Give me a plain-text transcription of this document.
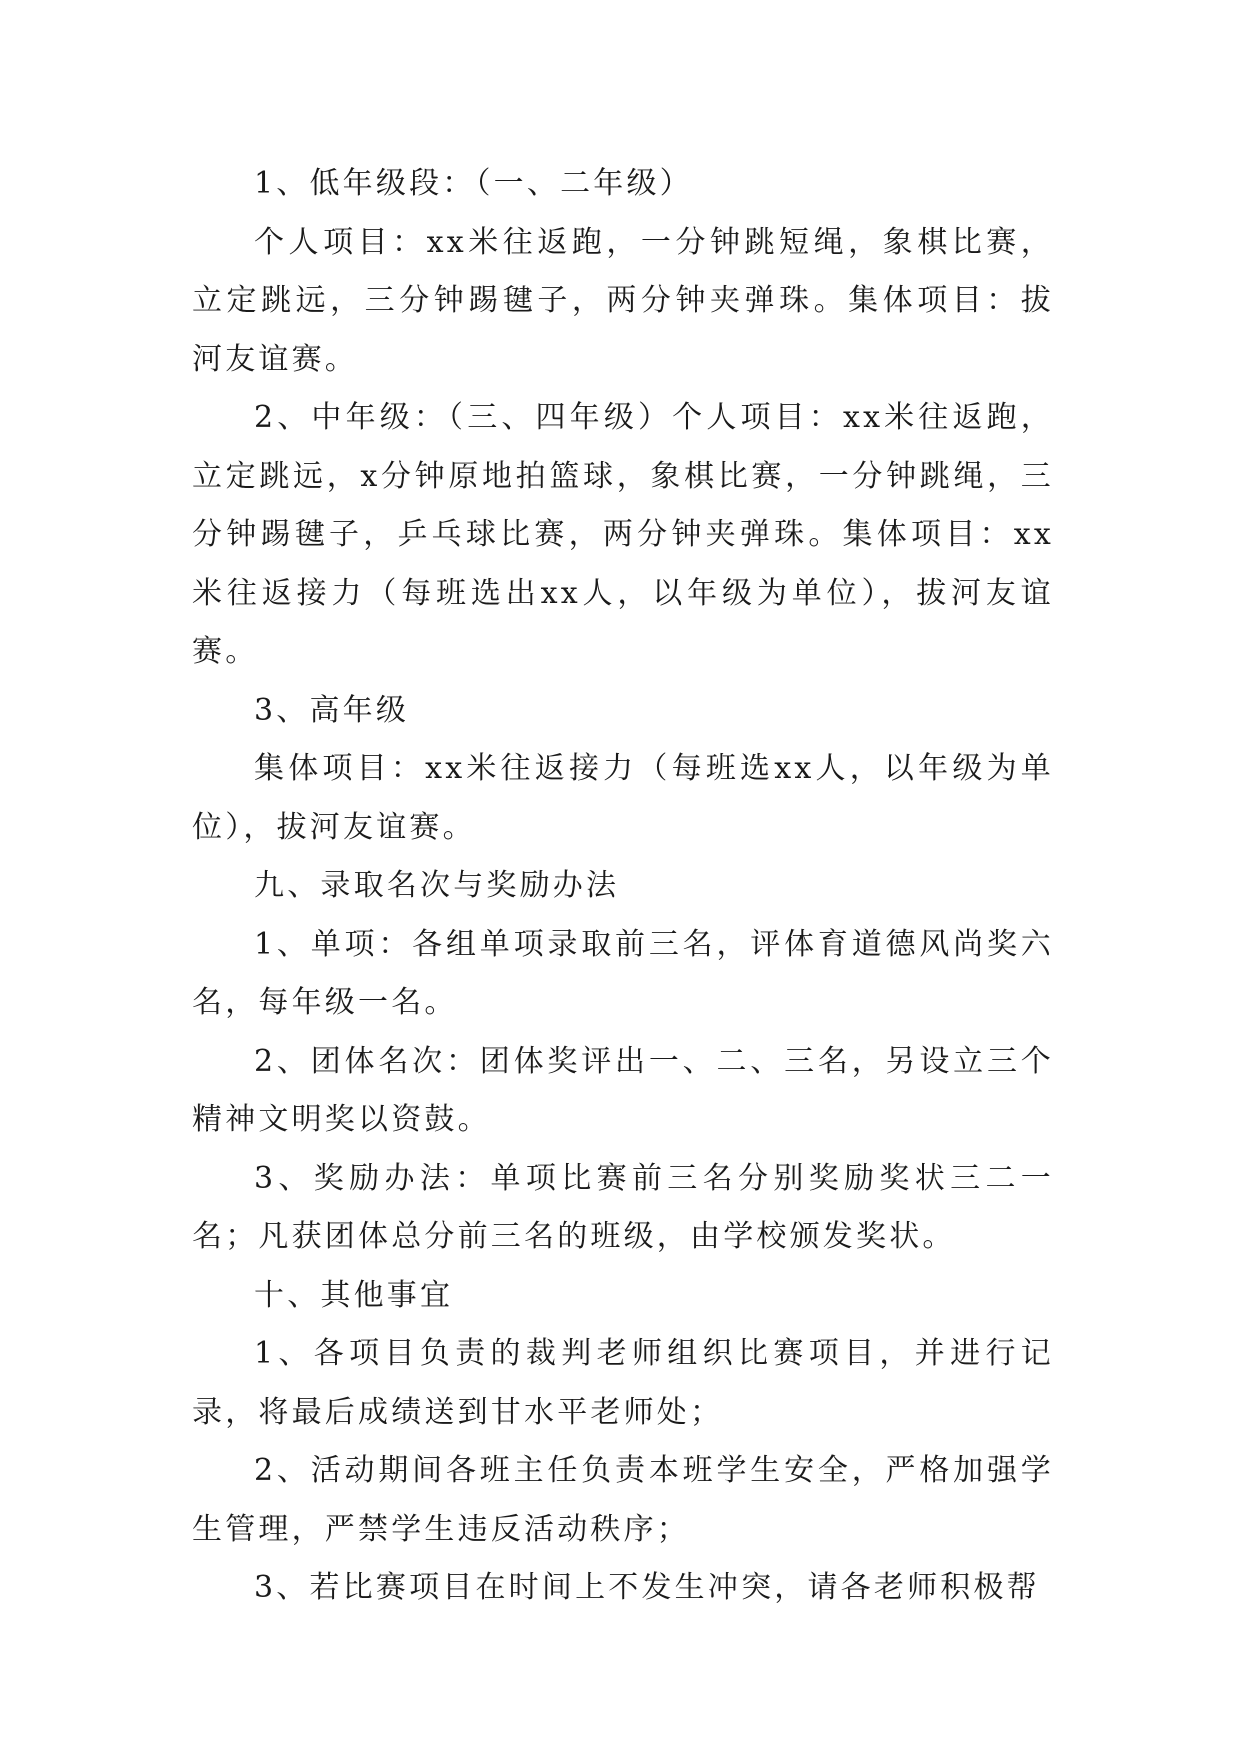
1、低年级段：（一、二年级）

个人项目：xx米往返跑，一分钟跳短绳，象棋比赛，立定跳远，三分钟踢毽子，两分钟夹弹珠。集体项目：拔河友谊赛。

2、中年级：（三、四年级）个人项目：xx米往返跑，立定跳远，x分钟原地拍篮球，象棋比赛，一分钟跳绳，三分钟踢毽子，乒乓球比赛，两分钟夹弹珠。集体项目：xx米往返接力（每班选出xx人，以年级为单位），拔河友谊赛。

3、高年级

集体项目：xx米往返接力（每班选xx人，以年级为单位），拔河友谊赛。

九、录取名次与奖励办法

1、单项：各组单项录取前三名，评体育道德风尚奖六名，每年级一名。

2、团体名次：团体奖评出一、二、三名，另设立三个精神文明奖以资鼓。

3、奖励办法：单项比赛前三名分别奖励奖状三二一名；凡获团体总分前三名的班级，由学校颁发奖状。

十、其他事宜

1、各项目负责的裁判老师组织比赛项目，并进行记录，将最后成绩送到甘水平老师处；

2、活动期间各班主任负责本班学生安全，严格加强学生管理，严禁学生违反活动秩序；

3、若比赛项目在时间上不发生冲突，请各老师积极帮
